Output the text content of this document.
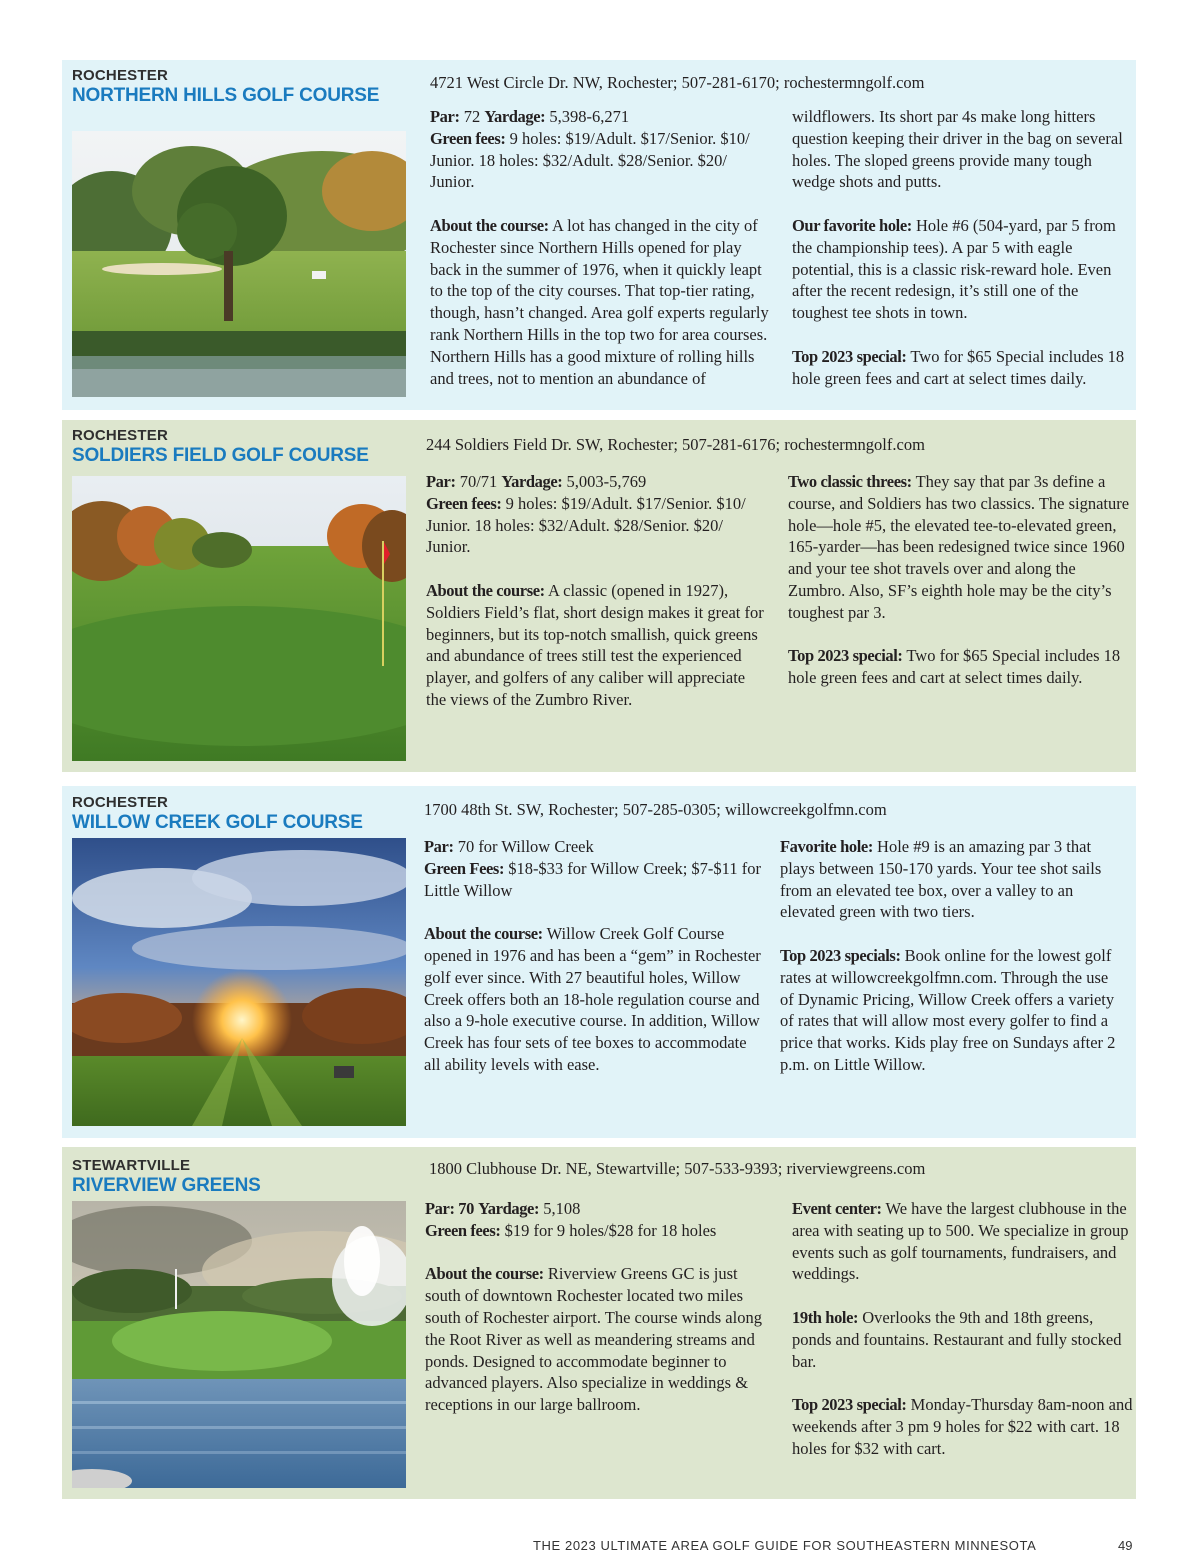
ROCHESTER
NORTHERN HILLS GOLF COURSE
4721 West Circle Dr. NW, Rochester; 507-281-6170; rochestermngolf.com

Par: 72 Yardage: 5,398-6,271
Green fees: 9 holes: $19/Adult. $17/Senior. $10/ Junior. 18 holes: $32/Adult. $28/Senior. $20/ Junior.

About the course: A lot has changed in the city of Rochester since Northern Hills opened for play back in the summer of 1976, when it quickly leapt to the top of the city courses. That top-tier rating, though, hasn’t changed. Area golf experts regularly rank Northern Hills in the top two for area courses. Northern Hills has a good mixture of rolling hills and trees, not to mention an abundance of

wildflowers. Its short par 4s make long hitters question keeping their driver in the bag on several holes. The sloped greens provide many tough wedge shots and putts.

Our favorite hole: Hole #6 (504-yard, par 5 from the championship tees). A par 5 with eagle potential, this is a classic risk-reward hole. Even after the recent redesign, it’s still one of the toughest tee shots in town.

Top 2023 special: Two for $65 Special includes 18 hole green fees and cart at select times daily.

ROCHESTER
SOLDIERS FIELD GOLF COURSE
244 Soldiers Field Dr. SW, Rochester; 507-281-6176; rochestermngolf.com

Par: 70/71 Yardage: 5,003-5,769
Green fees: 9 holes: $19/Adult. $17/Senior. $10/ Junior. 18 holes: $32/Adult. $28/Senior. $20/ Junior.

About the course: A classic (opened in 1927), Soldiers Field’s flat, short design makes it great for beginners, but its top-notch smallish, quick greens and abundance of trees still test the experienced player, and golfers of any caliber will appreciate the views of the Zumbro River.

Two classic threes: They say that par 3s define a course, and Soldiers has two classics. The signature hole—hole #5, the elevated tee-to-elevated green, 165-yarder—has been redesigned twice since 1960 and your tee shot travels over and along the Zumbro. Also, SF’s eighth hole may be the city’s toughest par 3.

Top 2023 special: Two for $65 Special includes 18 hole green fees and cart at select times daily.

ROCHESTER
WILLOW CREEK GOLF COURSE
1700 48th St. SW, Rochester; 507-285-0305; willowcreekgolfmn.com

Par: 70 for Willow Creek
Green Fees: $18-$33 for Willow Creek; $7-$11 for Little Willow

About the course: Willow Creek Golf Course opened in 1976 and has been a “gem” in Rochester golf ever since. With 27 beautiful holes, Willow Creek offers both an 18-hole regulation course and also a 9-hole executive course. In addition, Willow Creek has four sets of tee boxes to accommodate all ability levels with ease.

Favorite hole: Hole #9 is an amazing par 3 that plays between 150-170 yards. Your tee shot sails from an elevated tee box, over a valley to an elevated green with two tiers.

Top 2023 specials: Book online for the lowest golf rates at willowcreekgolfmn.com. Through the use of Dynamic Pricing, Willow Creek offers a variety of rates that will allow most every golfer to find a price that works. Kids play free on Sundays after 2 p.m. on Little Willow.

STEWARTVILLE
RIVERVIEW GREENS
1800 Clubhouse Dr. NE, Stewartville; 507-533-9393; riverviewgreens.com

Par: 70 Yardage: 5,108
Green fees: $19 for 9 holes/$28 for 18 holes

About the course: Riverview Greens GC is just south of downtown Rochester located two miles south of Rochester airport. The course winds along the Root River as well as meandering streams and ponds. Designed to accommodate beginner to advanced players. Also specialize in weddings & receptions in our large ballroom.

Event center: We have the largest clubhouse in the area with seating up to 500. We specialize in group events such as golf tournaments, fundraisers, and weddings.

19th hole: Overlooks the 9th and 18th greens, ponds and fountains. Restaurant and fully stocked bar.

Top 2023 special: Monday-Thursday 8am-noon and weekends after 3 pm 9 holes for $22 with cart. 18 holes for $32 with cart.

THE 2023 ULTIMATE AREA GOLF GUIDE FOR SOUTHEASTERN MINNESOTA	49
